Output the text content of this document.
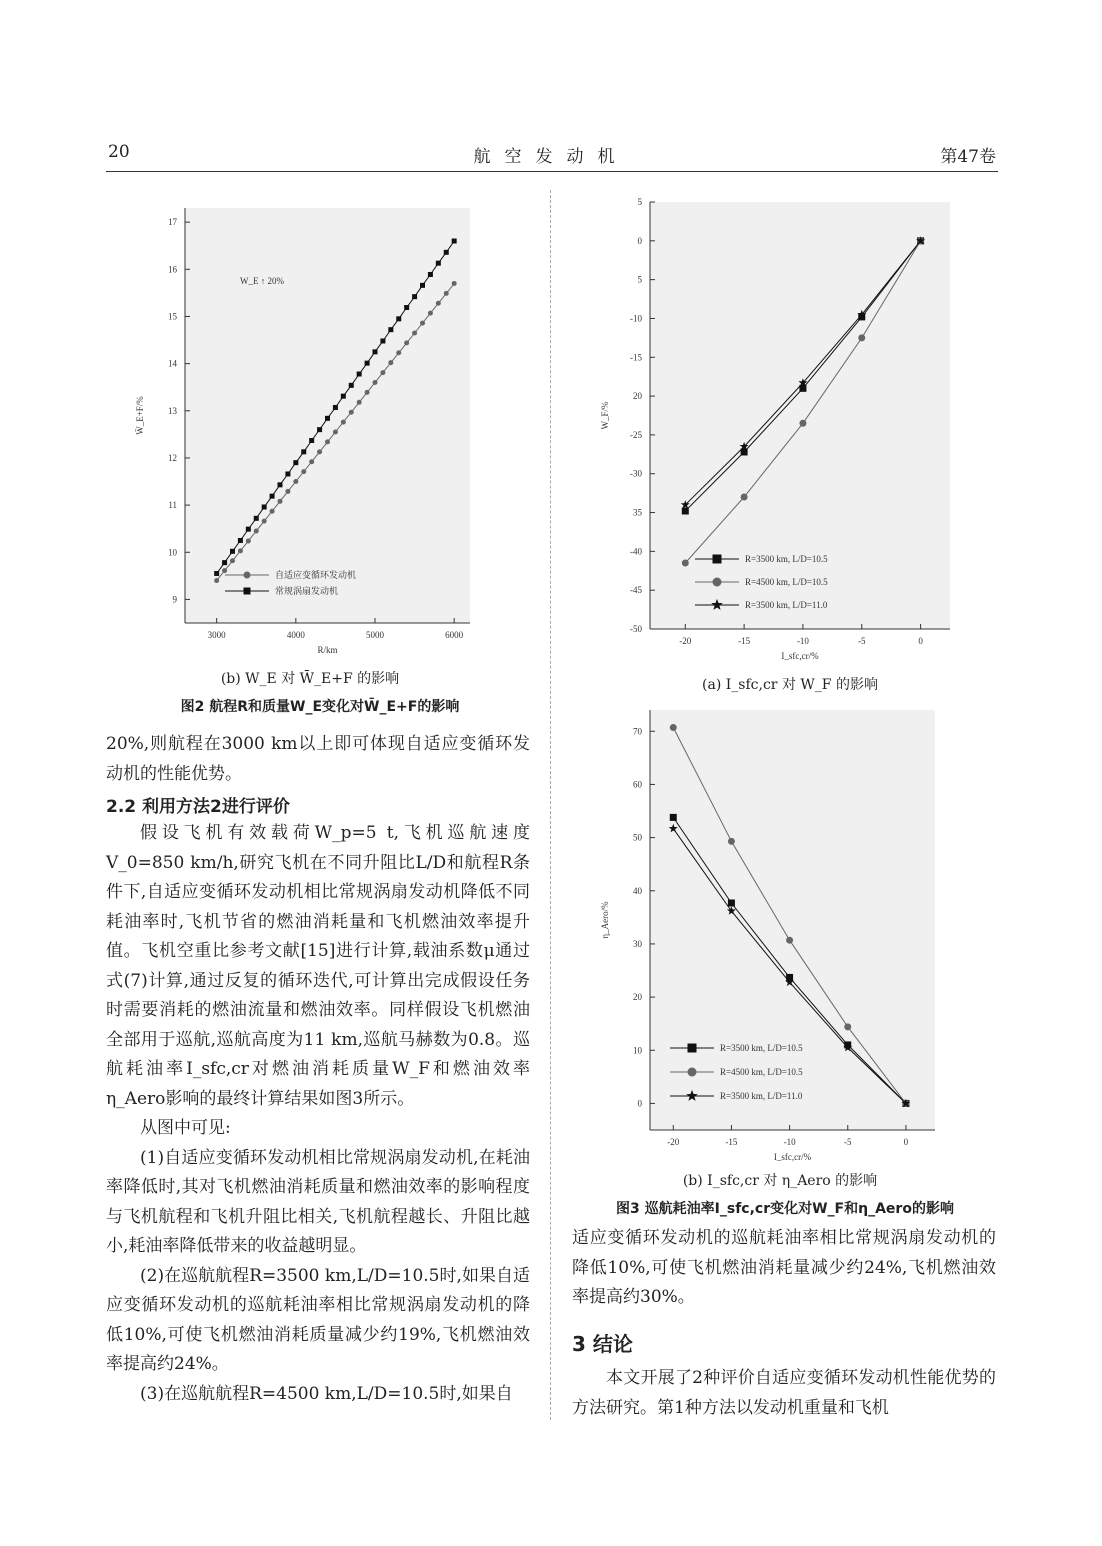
20	航空发动机	第47卷
9
10
11
12
13
14
15
16
17
3000	4000	5000	6000
R/km
W̄_E+F/%
W_E ↑ 20%
自适应变循环发动机
常规涡扇发动机
(b) W_E 对 W̄_E+F 的影响
图2 航程R和质量W_E变化对W̄_E+F的影响
5
0
5
-10
-15
20
-25
-30
35
-40
-45
-50
-20	-15	-10	-5	0
I_sfc,cr/%
W_F/%
R=3500 km, L/D=10.5
R=4500 km, L/D=10.5
R=3500 km, L/D=11.0
(a) I_sfc,cr 对 W_F 的影响
0
10
20
30
40
50
60
70
-20	-15	-10	-5	0
I_sfc,cr/%
η_Aero/%
R=3500 km, L/D=10.5
R=4500 km, L/D=10.5
R=3500 km, L/D=11.0
(b) I_sfc,cr 对 η_Aero 的影响
图3 巡航耗油率I_sfc,cr变化对W_F和η_Aero的影响

20%,则航程在3000 km以上即可体现自适应变循环发动机的性能优势。

2.2 利用方法2进行评价

假设飞机有效载荷W_p=5 t,飞机巡航速度V_0=850 km/h,研究飞机在不同升阻比L/D和航程R条件下,自适应变循环发动机相比常规涡扇发动机降低不同耗油率时,飞机节省的燃油消耗量和飞机燃油效率提升值。飞机空重比参考文献[15]进行计算,载油系数μ通过式(7)计算,通过反复的循环迭代,可计算出完成假设任务时需要消耗的燃油流量和燃油效率。同样假设飞机燃油全部用于巡航,巡航高度为11 km,巡航马赫数为0.8。巡航耗油率I_sfc,cr对燃油消耗质量W_F和燃油效率η_Aero影响的最终计算结果如图3所示。

从图中可见:

(1)自适应变循环发动机相比常规涡扇发动机,在耗油率降低时,其对飞机燃油消耗质量和燃油效率的影响程度与飞机航程和飞机升阻比相关,飞机航程越长、升阻比越小,耗油率降低带来的收益越明显。

(2)在巡航航程R=3500 km,L/D=10.5时,如果自适应变循环发动机的巡航耗油率相比常规涡扇发动机的降低10%,可使飞机燃油消耗质量减少约19%,飞机燃油效率提高约24%。

(3)在巡航航程R=4500 km,L/D=10.5时,如果自

适应变循环发动机的巡航耗油率相比常规涡扇发动机的降低10%,可使飞机燃油消耗量减少约24%,飞机燃油效率提高约30%。

3 结论

本文开展了2种评价自适应变循环发动机性能优势的方法研究。第1种方法以发动机重量和飞机
